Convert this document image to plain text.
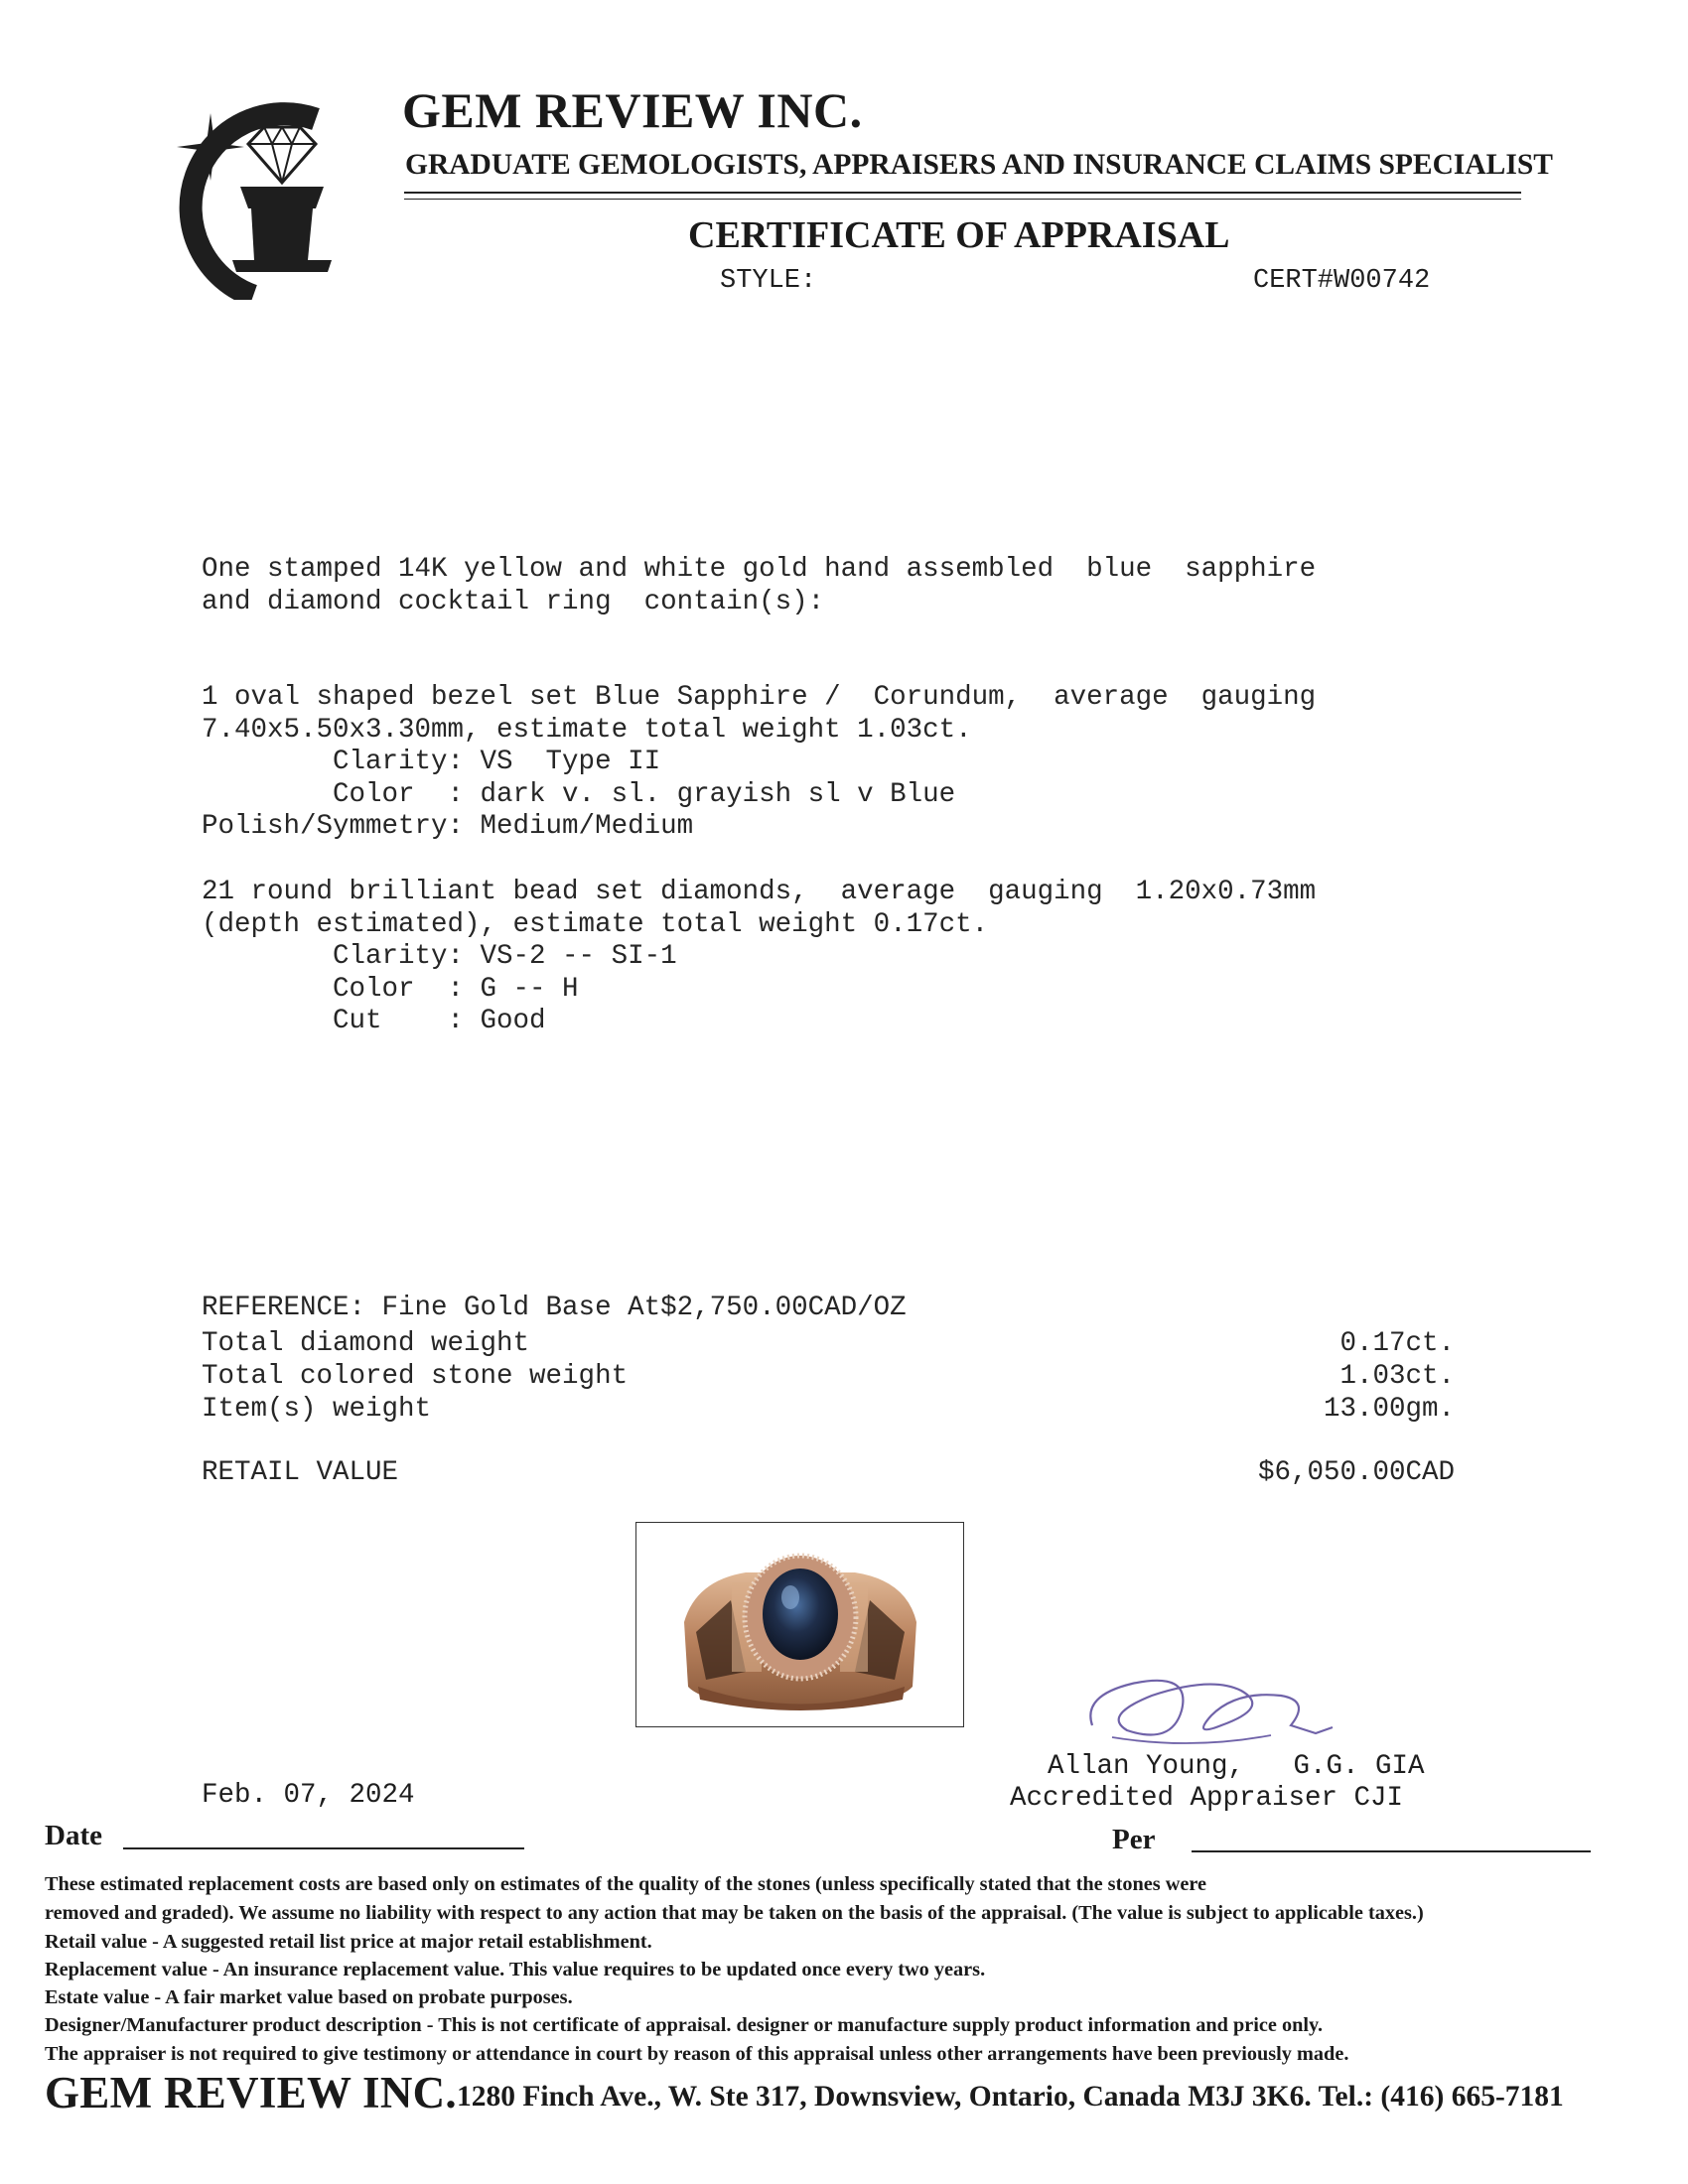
GEM REVIEW INC.
GRADUATE GEMOLOGISTS, APPRAISERS AND INSURANCE CLAIMS SPECIALIST
CERTIFICATE OF APPRAISAL
STYLE:	CERT#W00742
One stamped 14K yellow and white gold hand assembled  blue  sapphire
and diamond cocktail ring  contain(s):
1 oval shaped bezel set Blue Sapphire /  Corundum,  average  gauging
7.40x5.50x3.30mm, estimate total weight 1.03ct.
Clarity: VS  Type II
Color  : dark v. sl. grayish sl v Blue
Polish/Symmetry: Medium/Medium
21 round brilliant bead set diamonds,  average  gauging  1.20x0.73mm
(depth estimated), estimate total weight 0.17ct.
Clarity: VS-2 -- SI-1
Color  : G -- H
Cut    : Good
REFERENCE: Fine Gold Base At$2,750.00CAD/OZ
Total diamond weight	0.17ct.
Total colored stone weight	1.03ct.
Item(s) weight	13.00gm.
RETAIL VALUE	$6,050.00CAD
Allan Young,   G.G. GIA
Accredited Appraiser CJI
Feb. 07, 2024
Date	Per
These estimated replacement costs are based only on estimates of the quality of the stones (unless specifically stated that the stones were
removed and graded). We assume no liability with respect to any action that may be taken on the basis of the appraisal. (The value is subject to applicable taxes.)
Retail value - A suggested retail list price at major retail establishment.
Replacement value - An insurance replacement value. This value requires to be updated once every two years.
Estate value - A fair market value based on probate purposes.
Designer/Manufacturer product description - This is not certificate of appraisal. designer or manufacture supply product information and price only.
The appraiser is not required to give testimony or attendance in court by reason of this appraisal unless other arrangements have been previously made.
GEM REVIEW INC. 1280 Finch Ave., W. Ste 317, Downsview, Ontario, Canada M3J 3K6. Tel.: (416) 665-7181
